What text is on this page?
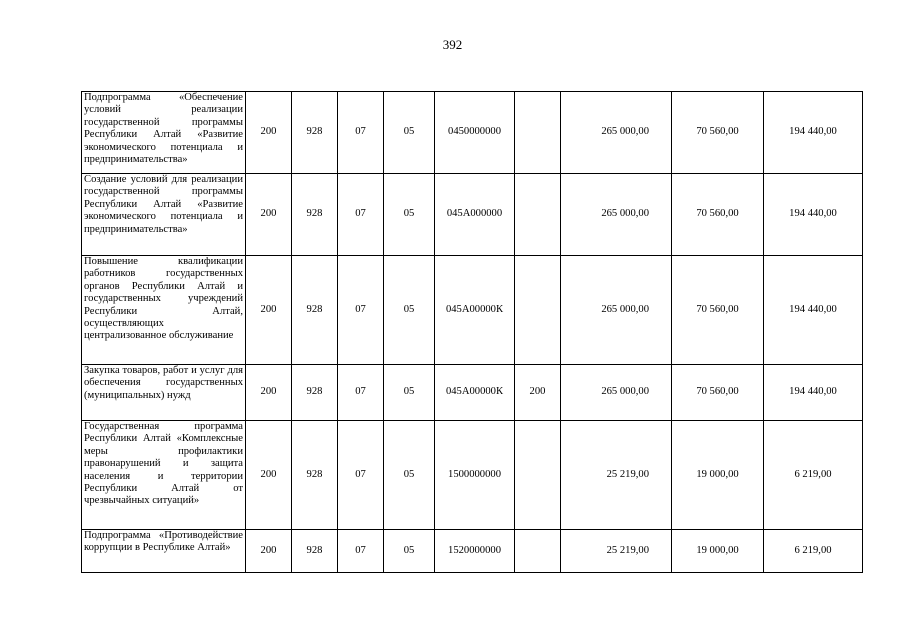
392
Подпрограмма «Обеспечение условий реализации государственной программы Республики Алтай «Развитие экономического потенциала и предпринимательства»	200	928	07	05	0450000000		265 000,00	70 560,00	194 440,00
Создание условий для реализации государственной программы Республики Алтай «Развитие экономического потенциала и предпринимательства»	200	928	07	05	045А000000		265 000,00	70 560,00	194 440,00
Повышение квалификации работников государственных органов Республики Алтай и государственных учреждений Республики Алтай, осуществляющих централизованное обслуживание	200	928	07	05	045А00000К		265 000,00	70 560,00	194 440,00
Закупка товаров, работ и услуг для обеспечения государственных (муниципальных) нужд	200	928	07	05	045А00000К	200	265 000,00	70 560,00	194 440,00
Государственная программа Республики Алтай «Комплексные меры профилактики правонарушений и защита населения и территории Республики Алтай от чрезвычайных ситуаций»	200	928	07	05	1500000000		25 219,00	19 000,00	6 219,00
Подпрограмма «Противодействие коррупции в Республике Алтай»	200	928	07	05	1520000000		25 219,00	19 000,00	6 219,00
